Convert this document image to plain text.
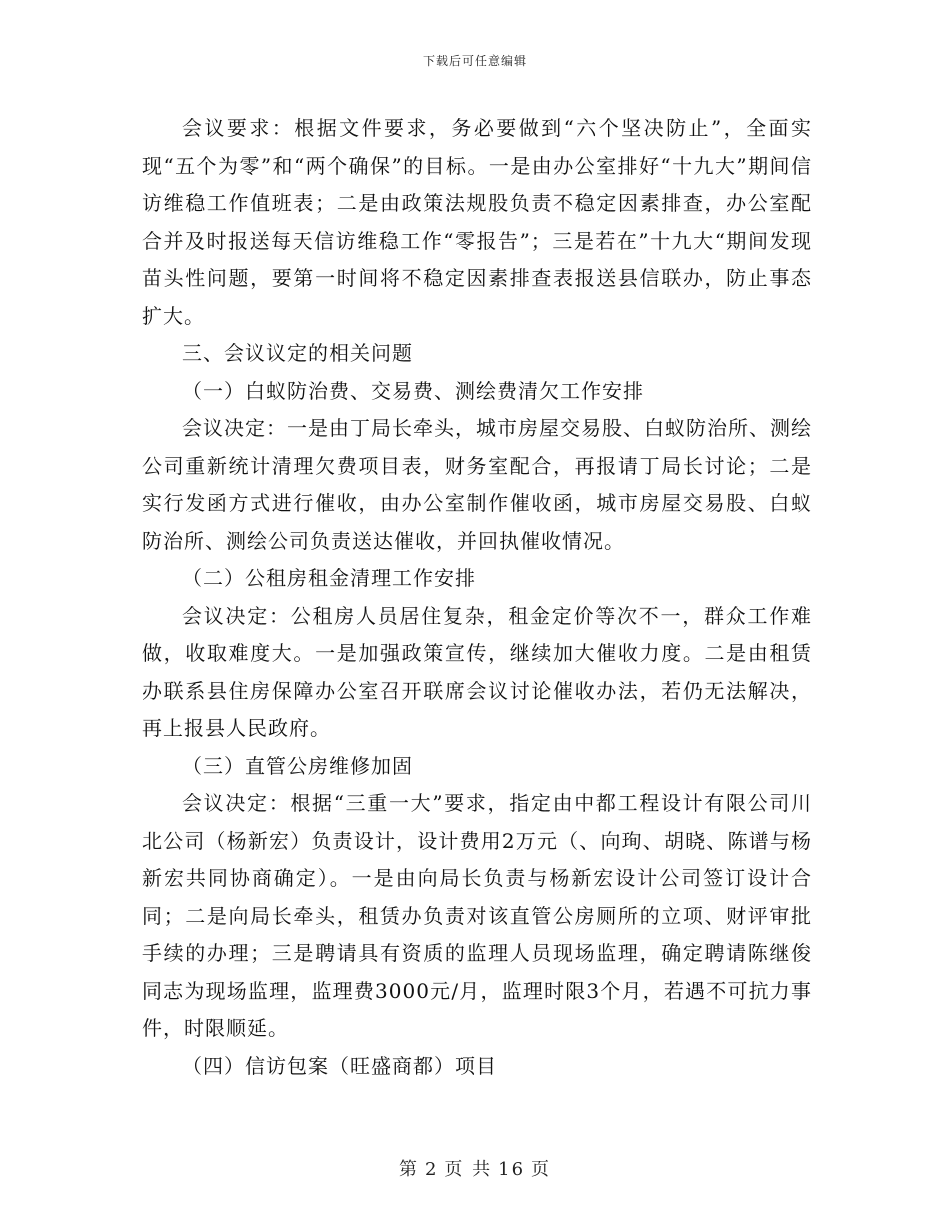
下载后可任意编辑

会议要求：根据文件要求，务必要做到“六个坚决防止”，全面实现“五个为零”和“两个确保”的目标。一是由办公室排好“十九大”期间信访维稳工作值班表；二是由政策法规股负责不稳定因素排查，办公室配合并及时报送每天信访维稳工作“零报告”；三是若在”十九大“期间发现苗头性问题，要第一时间将不稳定因素排查表报送县信联办，防止事态扩大。

三、会议议定的相关问题

（一）白蚁防治费、交易费、测绘费清欠工作安排

会议决定：一是由丁局长牵头，城市房屋交易股、白蚁防治所、测绘公司重新统计清理欠费项目表，财务室配合，再报请丁局长讨论；二是实行发函方式进行催收，由办公室制作催收函，城市房屋交易股、白蚁防治所、测绘公司负责送达催收，并回执催收情况。

（二）公租房租金清理工作安排

会议决定：公租房人员居住复杂，租金定价等次不一，群众工作难做，收取难度大。一是加强政策宣传，继续加大催收力度。二是由租赁办联系县住房保障办公室召开联席会议讨论催收办法，若仍无法解决，再上报县人民政府。

（三）直管公房维修加固

会议决定：根据“三重一大”要求，指定由中都工程设计有限公司川北公司（杨新宏）负责设计，设计费用2万元（、向珣、胡晓、陈谱与杨新宏共同协商确定）。一是由向局长负责与杨新宏设计公司签订设计合同；二是向局长牵头，租赁办负责对该直管公房厕所的立项、财评审批手续的办理；三是聘请具有资质的监理人员现场监理，确定聘请陈继俊同志为现场监理，监理费3000元/月，监理时限3个月，若遇不可抗力事件，时限顺延。

（四）信访包案（旺盛商都）项目

第 2 页 共 16 页
